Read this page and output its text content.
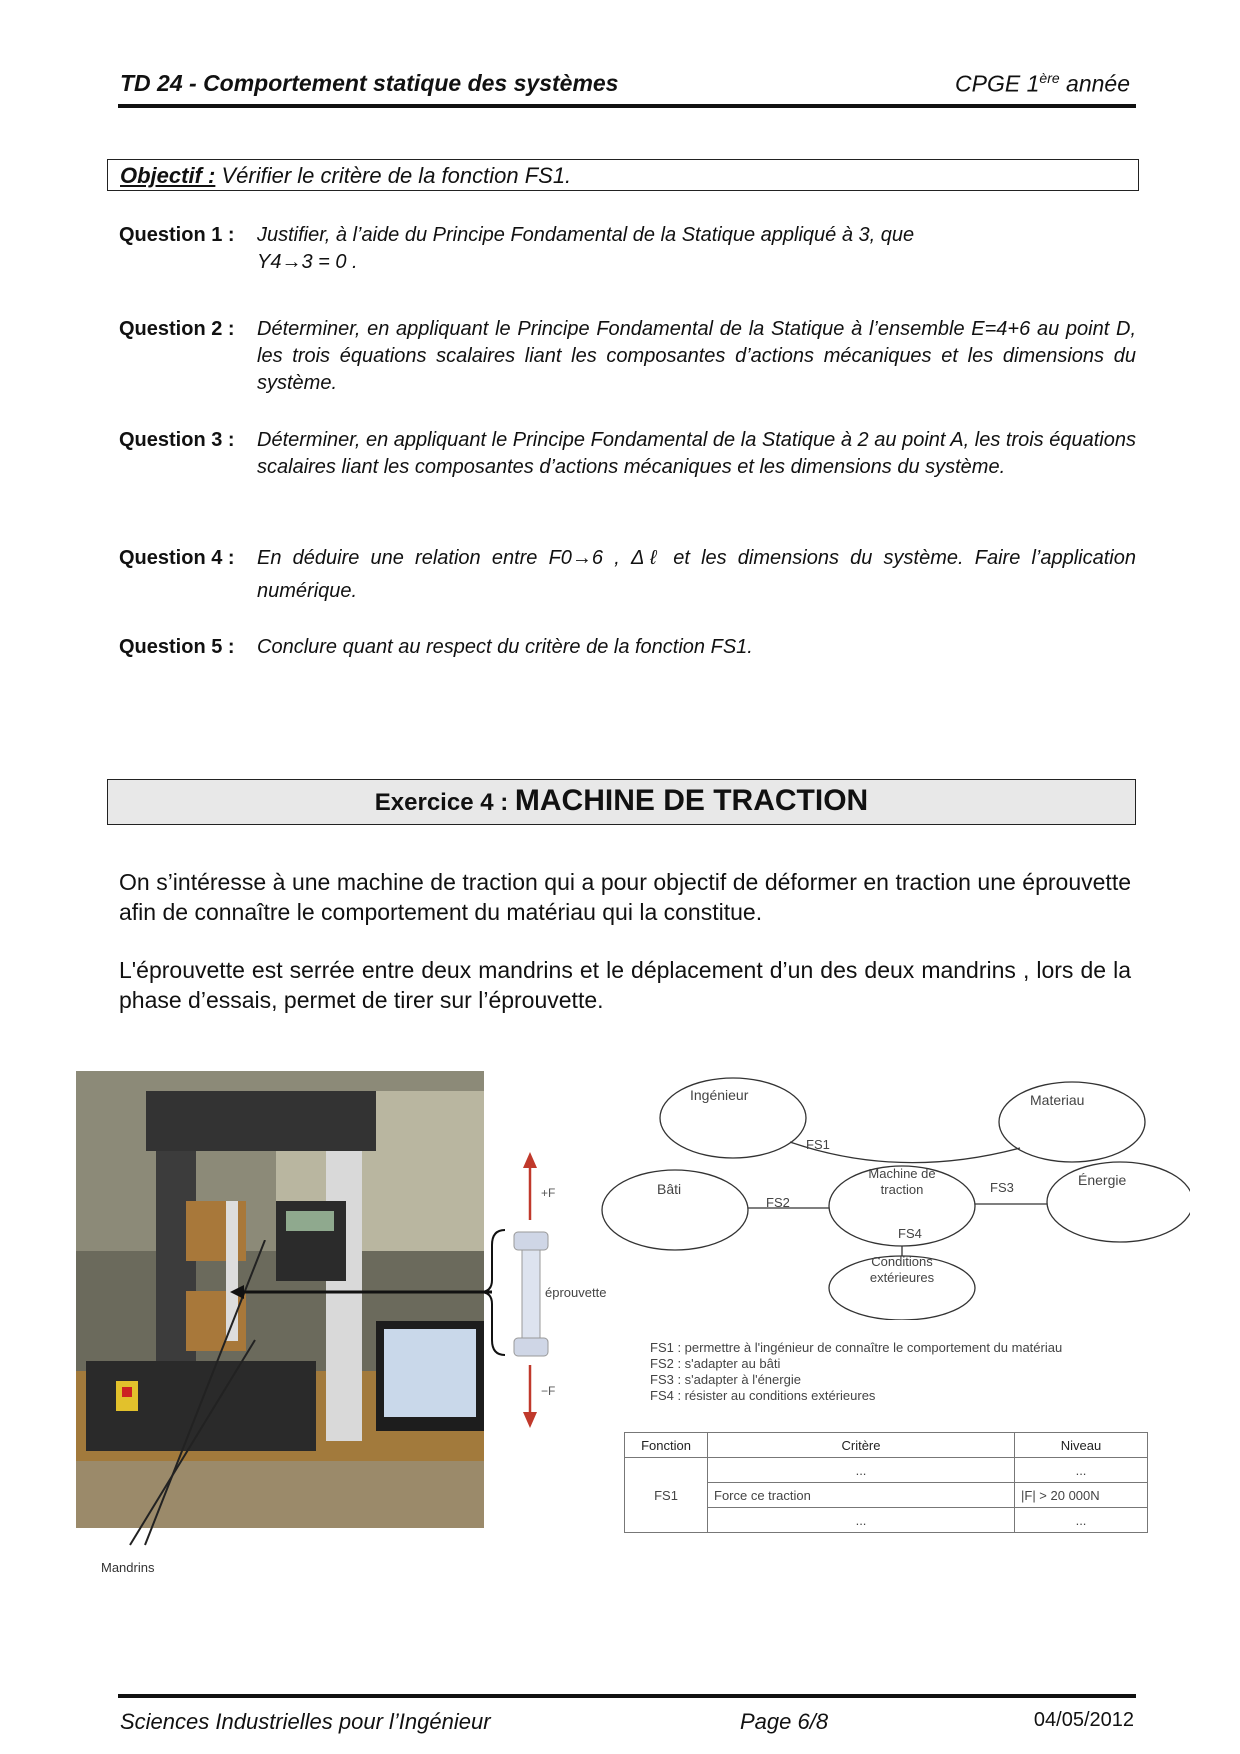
TD 24 - Comportement statique des systèmes	CPGE 1ère année
Objectif : Vérifier le critère de la fonction FS1.
Question 1 : Justifier, à l’aide du Principe Fondamental de la Statique appliqué à 3, que
Y4→3 = 0 .
Question 2 : Déterminer, en appliquant le Principe Fondamental de la Statique à l’ensemble E=4+6 au point D, les trois équations scalaires liant les composantes d’actions mécaniques et les dimensions du système.
Question 3 : Déterminer, en appliquant le Principe Fondamental de la Statique à 2 au point A, les trois équations scalaires liant les composantes d’actions mécaniques et les dimensions du système.
Question 4 : En déduire une relation entre F0→6 , Δℓ et les dimensions du système. Faire l’application numérique.
Question 5 : Conclure quant au respect du critère de la fonction FS1.
Exercice 4 : MACHINE DE TRACTION
On s’intéresse à une machine de traction qui a pour objectif de déformer en traction une éprouvette afin de connaître le comportement du matériau qui la constitue.
L'éprouvette est serrée entre deux mandrins et le déplacement d’un des deux mandrins , lors de la phase d’essais, permet de tirer sur l’éprouvette.
Mandrins
+F
−F
éprouvette
Ingénieur	Materiau
Bâti
Machine de
traction
Énergie
Conditions
extérieures
FS1
FS2
FS3
FS4
FS1 : permettre à l'ingénieur de connaître le comportement du matériau
FS2 : s'adapter au bâti
FS3 : s'adapter à l'énergie
FS4 : résister au conditions extérieures
Fonction	Critère	Niveau
FS1	...	...
	Force ce traction	|F| > 20 000N
	...	...
Sciences Industrielles pour l’Ingénieur	Page 6/8	04/05/2012
